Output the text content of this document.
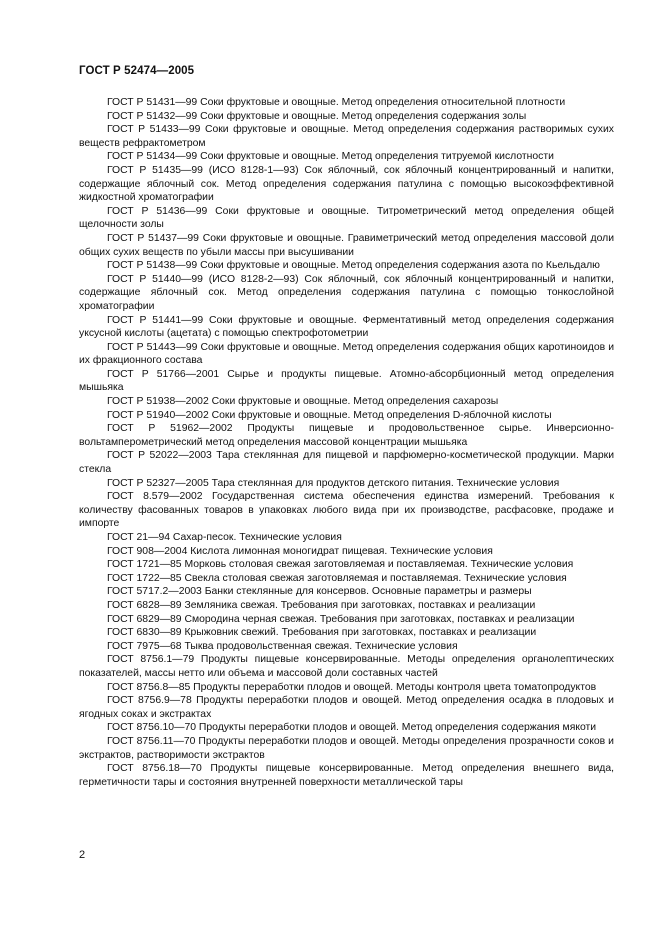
ГОСТ Р 52474—2005

ГОСТ Р 51431—99 Соки фруктовые и овощные. Метод определения относительной плотности

ГОСТ Р 51432—99 Соки фруктовые и овощные. Метод определения содержания золы

ГОСТ Р 51433—99 Соки фруктовые и овощные. Метод определения содержания растворимых сухих веществ рефрактометром

ГОСТ Р 51434—99 Соки фруктовые и овощные. Метод определения титруемой кислотности

ГОСТ Р 51435—99 (ИСО 8128-1—93) Сок яблочный, сок яблочный концентрированный и напитки, содержащие яблочный сок. Метод определения содержания патулина с помощью высокоэффективной жидкостной хроматографии

ГОСТ Р 51436—99 Соки фруктовые и овощные. Титрометрический метод определения общей щелочности золы

ГОСТ Р 51437—99 Соки фруктовые и овощные. Гравиметрический метод определения массовой доли общих сухих веществ по убыли массы при высушивании

ГОСТ Р 51438—99 Соки фруктовые и овощные. Метод определения содержания азота по Кьельдалю

ГОСТ Р 51440—99 (ИСО 8128-2—93) Сок яблочный, сок яблочный концентрированный и напитки, содержащие яблочный сок. Метод определения содержания патулина с помощью тонкослойной хроматографии

ГОСТ Р 51441—99 Соки фруктовые и овощные. Ферментативный метод определения содержания уксусной кислоты (ацетата) с помощью спектрофотометрии

ГОСТ Р 51443—99 Соки фруктовые и овощные. Метод определения содержания общих каротиноидов и их фракционного состава

ГОСТ Р 51766—2001 Сырье и продукты пищевые. Атомно-абсорбционный метод определения мышьяка

ГОСТ Р 51938—2002 Соки фруктовые и овощные. Метод определения сахарозы

ГОСТ Р 51940—2002 Соки фруктовые и овощные. Метод определения D-яблочной кислоты

ГОСТ Р 51962—2002 Продукты пищевые и продовольственное сырье. Инверсионно-вольтамперометрический метод определения массовой концентрации мышьяка

ГОСТ Р 52022—2003 Тара стеклянная для пищевой и парфюмерно-косметической продукции. Марки стекла

ГОСТ Р 52327—2005 Тара стеклянная для продуктов детского питания. Технические условия

ГОСТ 8.579—2002 Государственная система обеспечения единства измерений. Требования к количеству фасованных товаров в упаковках любого вида при их производстве, расфасовке, продаже и импорте

ГОСТ 21—94 Сахар-песок. Технические условия

ГОСТ 908—2004 Кислота лимонная моногидрат пищевая. Технические условия

ГОСТ 1721—85 Морковь столовая свежая заготовляемая и поставляемая. Технические условия

ГОСТ 1722—85 Свекла столовая свежая заготовляемая и поставляемая. Технические условия

ГОСТ 5717.2—2003 Банки стеклянные для консервов. Основные параметры и размеры

ГОСТ 6828—89 Земляника свежая. Требования при заготовках, поставках и реализации

ГОСТ 6829—89 Смородина черная свежая. Требования при заготовках, поставках и реализации

ГОСТ 6830—89 Крыжовник свежий. Требования при заготовках, поставках и реализации

ГОСТ 7975—68 Тыква продовольственная свежая. Технические условия

ГОСТ 8756.1—79 Продукты пищевые консервированные. Методы определения органолептических показателей, массы нетто или объема и массовой доли составных частей

ГОСТ 8756.8—85 Продукты переработки плодов и овощей. Методы контроля цвета томатопродуктов

ГОСТ 8756.9—78 Продукты переработки плодов и овощей. Метод определения осадка в плодовых и ягодных соках и экстрактах

ГОСТ 8756.10—70 Продукты переработки плодов и овощей. Метод определения содержания мякоти

ГОСТ 8756.11—70 Продукты переработки плодов и овощей. Методы определения прозрачности соков и экстрактов, растворимости экстрактов

ГОСТ 8756.18—70 Продукты пищевые консервированные. Метод определения внешнего вида, герметичности тары и состояния внутренней поверхности металлической тары

2
